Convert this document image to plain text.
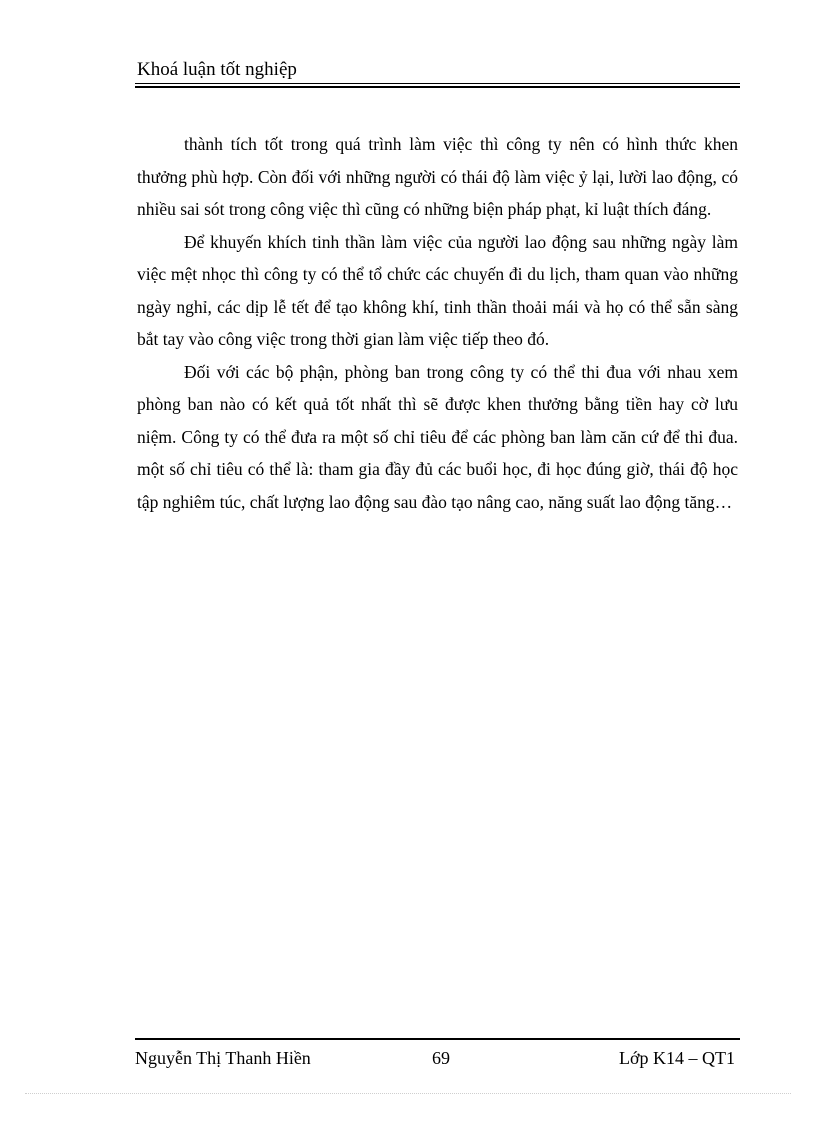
Khoá luận tốt nghiệp

thành tích tốt trong quá trình làm việc thì công ty nên có hình thức khen thưởng phù hợp. Còn đối với những người có thái độ làm việc ỷ lại, lười lao động, có nhiều sai sót trong công việc thì cũng có những biện pháp phạt, kỉ luật thích đáng.

Để khuyến khích tinh thần làm việc của người lao động sau những ngày làm việc mệt nhọc thì công ty có thể tổ chức các chuyến đi du lịch, tham quan vào những ngày nghỉ, các dịp lễ tết để tạo không khí, tinh thần thoải mái và họ có thể sẵn sàng bắt tay vào công việc trong thời gian làm việc tiếp theo đó.

Đối với các bộ phận, phòng ban trong công ty có thể thi đua với nhau xem phòng ban nào có kết quả tốt nhất thì sẽ được khen thưởng bằng tiền hay cờ lưu niệm. Công ty có thể đưa ra một số chỉ tiêu để các phòng ban làm căn cứ để thi đua. một số chỉ tiêu có thể là: tham gia đầy đủ các buổi học, đi học đúng giờ, thái độ học tập nghiêm túc, chất lượng lao động sau đào tạo nâng cao, năng suất lao động tăng…

Nguyễn Thị Thanh Hiền	69	Lớp K14 – QT1
